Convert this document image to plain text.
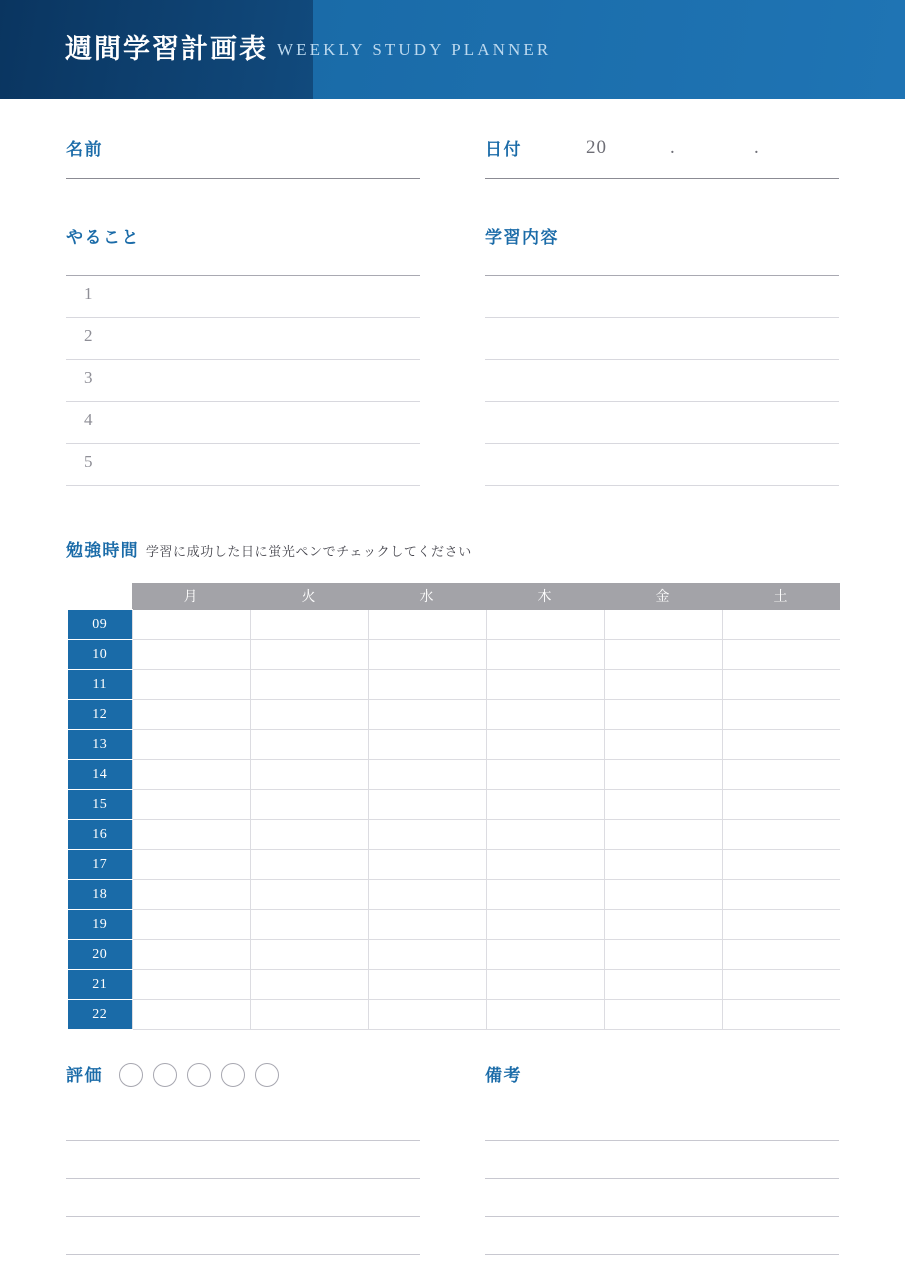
週間学習計画表 WEEKLY STUDY PLANNER
名前	日付	20	.	.
やること
1
2
3
4
5
学習内容
勉強時間 学習に成功した日に蛍光ペンでチェックしてください
	月	火	水	木	金	土
09						
10						
11						
12						
13						
14						
15						
16						
17						
18						
19						
20						
21						
22						
評価	備考
